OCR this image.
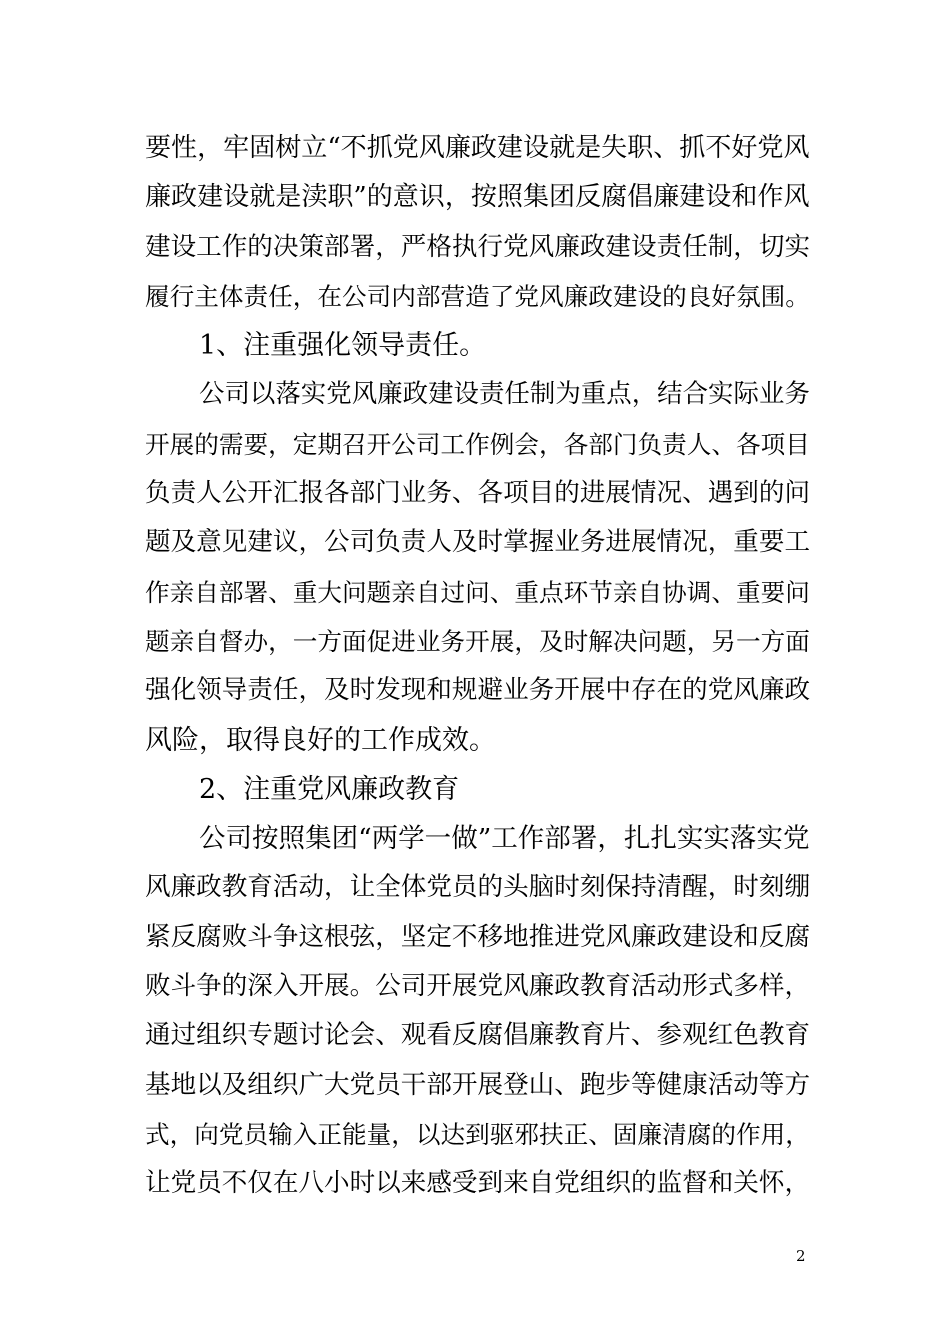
要性，牢固树立“不抓党风廉政建设就是失职、抓不好党风

廉政建设就是渎职”的意识，按照集团反腐倡廉建设和作风

建设工作的决策部署，严格执行党风廉政建设责任制，切实

履行主体责任，在公司内部营造了党风廉政建设的良好氛围。

1、注重强化领导责任。

公司以落实党风廉政建设责任制为重点，结合实际业务

开展的需要，定期召开公司工作例会，各部门负责人、各项目

负责人公开汇报各部门业务、各项目的进展情况、遇到的问

题及意见建议，公司负责人及时掌握业务进展情况，重要工

作亲自部署、重大问题亲自过问、重点环节亲自协调、重要问

题亲自督办，一方面促进业务开展，及时解决问题，另一方面

强化领导责任，及时发现和规避业务开展中存在的党风廉政

风险，取得良好的工作成效。

2、注重党风廉政教育

公司按照集团“两学一做”工作部署，扎扎实实落实党

风廉政教育活动，让全体党员的头脑时刻保持清醒，时刻绷

紧反腐败斗争这根弦，坚定不移地推进党风廉政建设和反腐

败斗争的深入开展。公司开展党风廉政教育活动形式多样，

通过组织专题讨论会、观看反腐倡廉教育片、参观红色教育

基地以及组织广大党员干部开展登山、跑步等健康活动等方

式，向党员输入正能量，以达到驱邪扶正、固廉清腐的作用，

让党员不仅在八小时以来感受到来自党组织的监督和关怀，

2
